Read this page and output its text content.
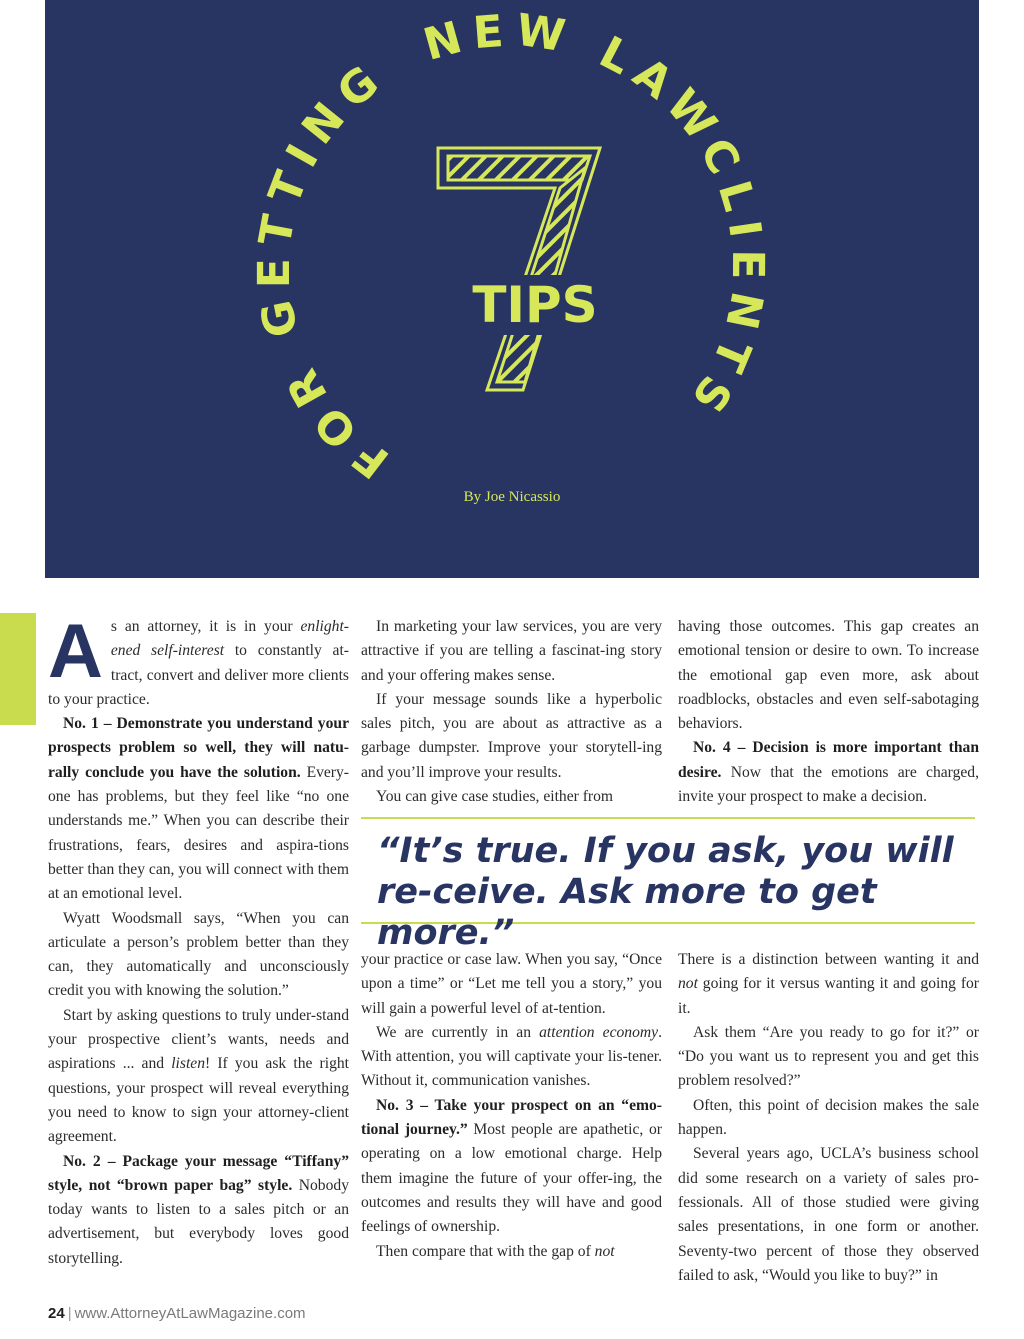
FOR GETTING
NEW LAW
CLIENTS
TIPS
By Joe Nicassio

As an attorney, it is in your enlight-ened self-interest to constantly at-tract, convert and deliver more clients to your practice.

No. 1 – Demonstrate you understand your prospects problem so well, they will natu-rally conclude you have the solution. Every-one has problems, but they feel like “no one understands me.” When you can describe their frustrations, fears, desires and aspira-tions better than they can, you will connect with them at an emotional level.

Wyatt Woodsmall says, “When you can articulate a person’s problem better than they can, they automatically and unconsciously credit you with knowing the solution.”

Start by asking questions to truly under-stand your prospective client’s wants, needs and aspirations ... and listen! If you ask the right questions, your prospect will reveal everything you need to know to sign your attorney-client agreement.

No. 2 – Package your message “Tiffany” style, not “brown paper bag” style. Nobody today wants to listen to a sales pitch or an advertisement, but everybody loves good storytelling.

In marketing your law services, you are very attractive if you are telling a fascinat-ing story and your offering makes sense.

If your message sounds like a hyperbolic sales pitch, you are about as attractive as a garbage dumpster. Improve your storytell-ing and you’ll improve your results.

You can give case studies, either from

having those outcomes. This gap creates an emotional tension or desire to own. To increase the emotional gap even more, ask about roadblocks, obstacles and even self-sabotaging behaviors.

No. 4 – Decision is more important than desire. Now that the emotions are charged, invite your prospect to make a decision.

“It’s true. If you ask, you will re-ceive. Ask more to get more.”

your practice or case law. When you say, “Once upon a time” or “Let me tell you a story,” you will gain a powerful level of at-tention.

We are currently in an attention economy. With attention, you will captivate your lis-tener. Without it, communication vanishes.

No. 3 – Take your prospect on an “emo-tional journey.” Most people are apathetic, or operating on a low emotional charge. Help them imagine the future of your offer-ing, the outcomes and results they will have and good feelings of ownership.

Then compare that with the gap of not

There is a distinction between wanting it and not going for it versus wanting it and going for it.

Ask them “Are you ready to go for it?” or “Do you want us to represent you and get this problem resolved?”

Often, this point of decision makes the sale happen.

Several years ago, UCLA’s business school did some research on a variety of sales pro-fessionals. All of those studied were giving sales presentations, in one form or another. Seventy-two percent of those they observed failed to ask, “Would you like to buy?” in

24 | www.AttorneyAtLawMagazine.com
